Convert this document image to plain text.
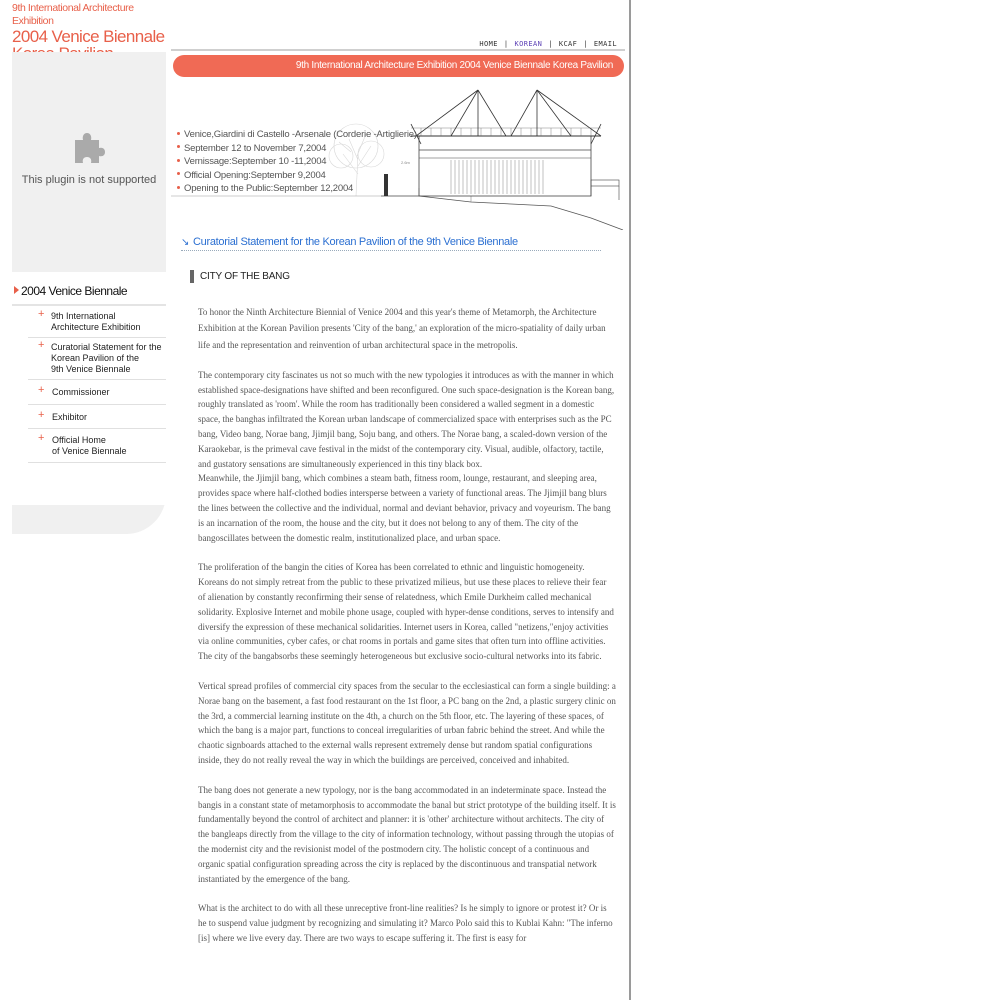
9th International Architecture Exhibition
2004 Venice Biennale	HOME | KOREAN | KCAF | EMAIL
This plugin is not supported
2004 Venice Biennale
+ 9th International
Architecture Exhibition
+ Curatorial Statement for the
Korean Pavilion of the
9th Venice Biennale
+ Commissioner
+ Exhibitor
+ Official Home
of Venice Biennale
9th International Architecture Exhibition 2004 Venice Biennale Korea Pavilion
2.6m
Venice,Giardini di Castello -Arsenale (Corderie -Artiglierie)
September 12 to November 7,2004
Vernissage:September 10 -11,2004
Official Opening:September 9,2004
Opening to the Public:September 12,2004
↘ Curatorial Statement for the Korean Pavilion of the 9th Venice Biennale
CITY OF THE BANG

To honor the Ninth Architecture Biennial of Venice 2004 and this year's theme of Metamorph, the Architecture Exhibition at the Korean Pavilion presents 'City of the bang,' an exploration of the micro-spatiality of daily urban life and the representation and reinvention of urban architectural space in the metropolis.

The contemporary city fascinates us not so much with the new typologies it introduces as with the manner in which established space-designations have shifted and been reconfigured. One such space-designation is the Korean bang, roughly translated as 'room'. While the room has traditionally been considered a walled segment in a domestic space, the banghas infiltrated the Korean urban landscape of commercialized space with enterprises such as the PC bang, Video bang, Norae bang, Jjimjil bang, Soju bang, and others. The Norae bang, a scaled-down version of the Karaokebar, is the primeval cave festival in the midst of the contemporary city. Visual, audible, olfactory, tactile, and gustatory sensations are simultaneously experienced in this tiny black box.

Meanwhile, the Jjimjil bang, which combines a steam bath, fitness room, lounge, restaurant, and sleeping area, provides space where half-clothed bodies intersperse between a variety of functional areas. The Jjimjil bang blurs the lines between the collective and the individual, normal and deviant behavior, privacy and voyeurism. The bang is an incarnation of the room, the house and the city, but it does not belong to any of them. The city of the bangoscillates between the domestic realm, institutionalized place, and urban space.

The proliferation of the bangin the cities of Korea has been correlated to ethnic and linguistic homogeneity. Koreans do not simply retreat from the public to these privatized milieus, but use these places to relieve their fear of alienation by constantly reconfirming their sense of relatedness, which Emile Durkheim called mechanical solidarity. Explosive Internet and mobile phone usage, coupled with hyper-dense conditions, serves to intensify and diversify the expression of these mechanical solidarities. Internet users in Korea, called "netizens,"enjoy activities via online communities, cyber cafes, or chat rooms in portals and game sites that often turn into offline activities. The city of the bangabsorbs these seemingly heterogeneous but exclusive socio-cultural networks into its fabric.

Vertical spread profiles of commercial city spaces from the secular to the ecclesiastical can form a single building: a Norae bang on the basement, a fast food restaurant on the 1st floor, a PC bang on the 2nd, a plastic surgery clinic on the 3rd, a commercial learning institute on the 4th, a church on the 5th floor, etc. The layering of these spaces, of which the bang is a major part, functions to conceal irregularities of urban fabric behind the street. And while the chaotic signboards attached to the external walls represent extremely dense but random spatial configurations inside, they do not really reveal the way in which the buildings are perceived, conceived and inhabited.

The bang does not generate a new typology, nor is the bang accommodated in an indeterminate space. Instead the bangis in a constant state of metamorphosis to accommodate the banal but strict prototype of the building itself. It is fundamentally beyond the control of architect and planner: it is 'other' architecture without architects. The city of the bangleaps directly from the village to the city of information technology, without passing through the utopias of the modernist city and the revisionist model of the postmodern city. The holistic concept of a continuous and organic spatial configuration spreading across the city is replaced by the discontinuous and transpatial network instantiated by the emergence of the bang.

What is the architect to do with all these unreceptive front-line realities? Is he simply to ignore or protest it? Or is he to suspend value judgment by recognizing and simulating it? Marco Polo said this to Kublai Kahn: "The inferno [is] where we live every day. There are two ways to escape suffering it. The first is easy for
